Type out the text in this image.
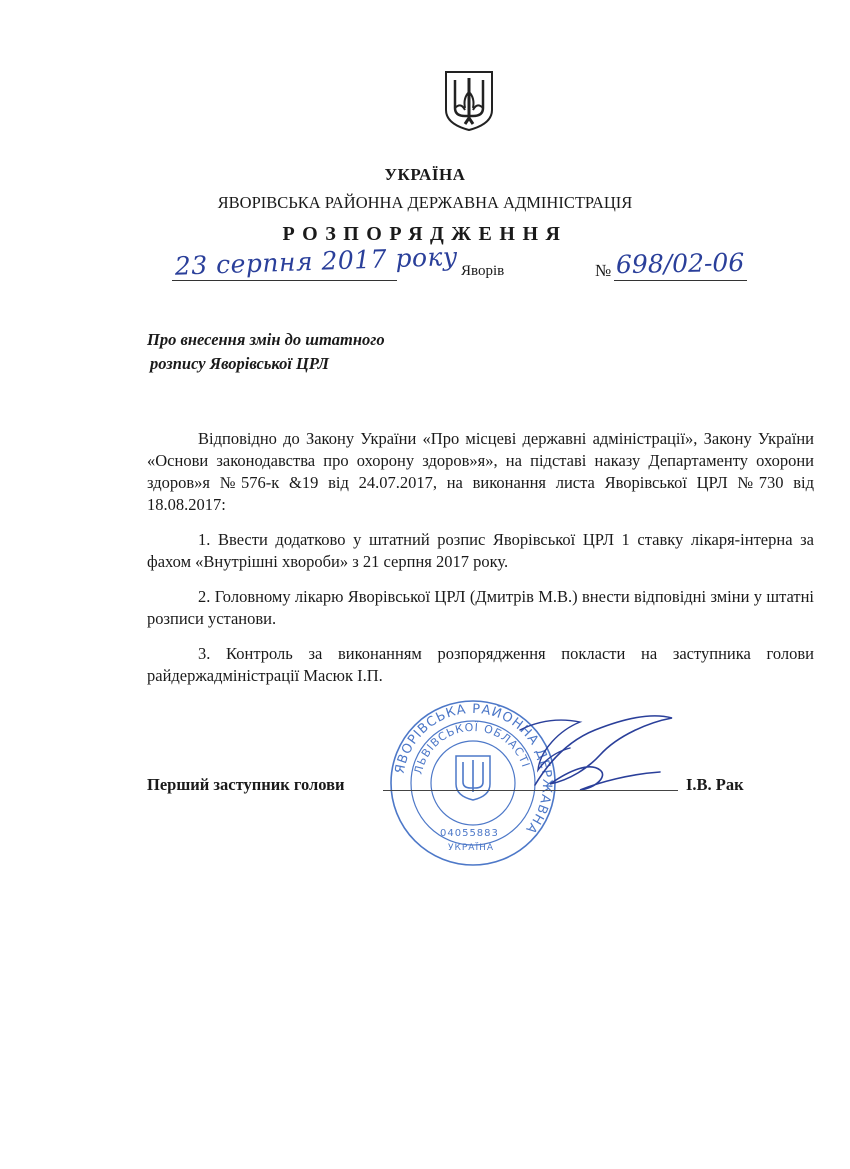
УКРАЇНА
ЯВОРІВСЬКА РАЙОННА ДЕРЖАВНА АДМІНІСТРАЦІЯ
РОЗПОРЯДЖЕННЯ
23 серпня 2017 року Яворів	№ 698/02-06
Про внесення змін до штатного
розпису Яворівської ЦРЛ

Відповідно до Закону України «Про місцеві державні адміністрації», Закону України «Основи законодавства про охорону здоров»я», на підставі наказу Департаменту охорони здоров»я №576-к &19 від 24.07.2017, на виконання листа Яворівської ЦРЛ №730 від 18.08.2017:

1. Ввести додатково у штатний розпис Яворівської ЦРЛ 1 ставку лікаря-інтерна за фахом «Внутрішні хвороби» з 21 серпня 2017 року.

2. Головному лікарю Яворівської ЦРЛ (Дмитрів М.В.) внести відповідні зміни у штатні розписи установи.

3. Контроль за виконанням розпорядження покласти на заступника голови райдержадміністрації Масюк І.П.

ЯВОРІВСЬКА РАЙОННА ДЕРЖАВНА
ЛЬВІВСЬКОЇ ОБЛАСТІ
04055883
УКРАЇНА
Перший заступник голови	І.В. Рак
